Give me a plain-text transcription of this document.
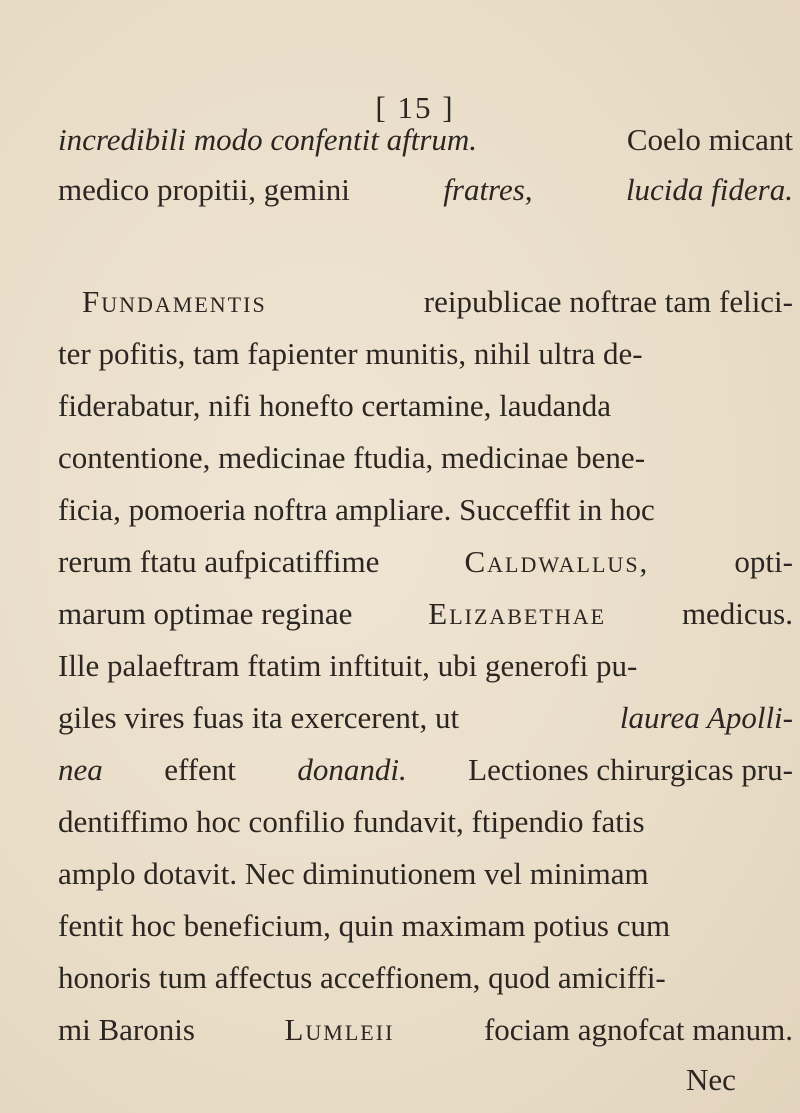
[ 15 ]
incredibili modo confentit aftrum.	Coelo micant
medico propitii, gemini	fratres,	lucida fidera.
Fundamentis	reipublicae noftrae tam felici-
ter pofitis, tam fapienter munitis, nihil ultra de-
fiderabatur, nifi honefto certamine, laudanda
contentione, medicinae ftudia, medicinae bene-
ficia, pomoeria noftra ampliare. Succeffit in hoc
rerum ftatu aufpicatiffime	Caldwallus,	opti-
marum optimae reginae Elizabethae medicus.
Ille palaeftram ftatim inftituit, ubi generofi pu-
giles vires fuas ita exercerent, ut	laurea Apolli-
nea effent donandi. Lectiones chirurgicas pru-
dentiffimo hoc confilio fundavit, ftipendio fatis
amplo dotavit. Nec diminutionem vel minimam
fentit hoc beneficium, quin maximam potius cum
honoris tum affectus acceffionem, quod amiciffi-
mi Baronis	Lumleii	fociam agnofcat manum.
Nec
